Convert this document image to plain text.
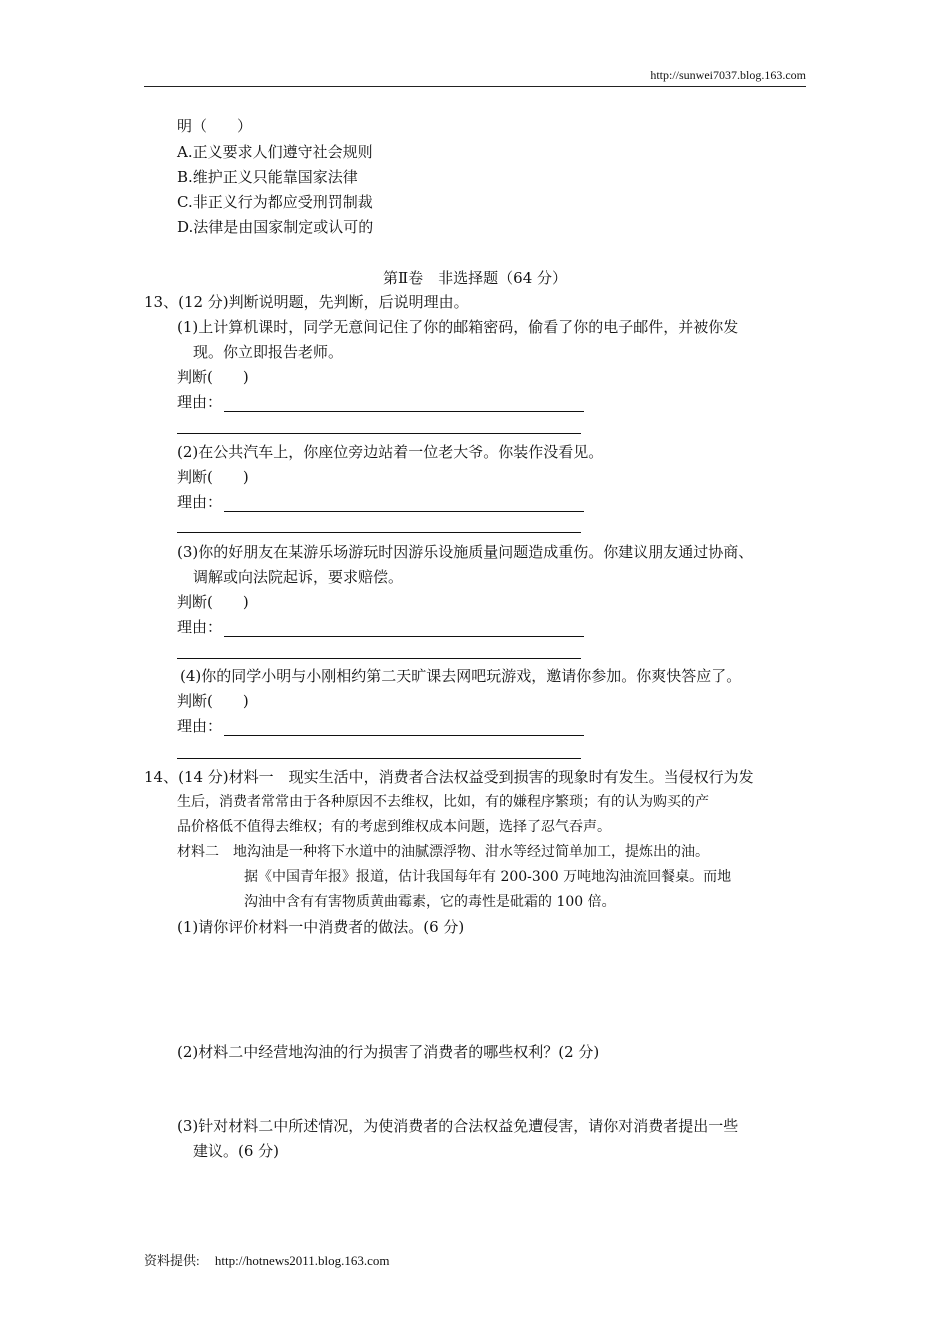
http://sunwei7037.blog.163.com
明（　　）
A.正义要求人们遵守社会规则
B.维护正义只能靠国家法律
C.非正义行为都应受刑罚制裁
D.法律是由国家制定或认可的
第Ⅱ卷　非选择题（64 分）
13、(12 分)判断说明题，先判断，后说明理由。
(1)上计算机课时，同学无意间记住了你的邮箱密码，偷看了你的电子邮件，并被你发
现。你立即报告老师。
判断(　　)
理由：
(2)在公共汽车上，你座位旁边站着一位老大爷。你装作没看见。
判断(　　)
理由：
(3)你的好朋友在某游乐场游玩时因游乐设施质量问题造成重伤。你建议朋友通过协商、
调解或向法院起诉，要求赔偿。
判断(　　)
理由：
(4)你的同学小明与小刚相约第二天旷课去网吧玩游戏，邀请你参加。你爽快答应了。
判断(　　)
理由：
14、(14 分)材料一　现实生活中，消费者合法权益受到损害的现象时有发生。当侵权行为发
生后，消费者常常由于各种原因不去维权，比如，有的嫌程序繁琐；有的认为购买的产
品价格低不值得去维权；有的考虑到维权成本问题，选择了忍气吞声。
材料二　地沟油是一种将下水道中的油腻漂浮物、泔水等经过简单加工，提炼出的油。
据《中国青年报》报道，估计我国每年有 200-300 万吨地沟油流回餐桌。而地
沟油中含有有害物质黄曲霉素，它的毒性是砒霜的 100 倍。
(1)请你评价材料一中消费者的做法。(6 分)
(2)材料二中经营地沟油的行为损害了消费者的哪些权利？(2 分)
(3)针对材料二中所述情况，为使消费者的合法权益免遭侵害，请你对消费者提出一些
建议。(6 分)
资料提供: http://hotnews2011.blog.163.com
